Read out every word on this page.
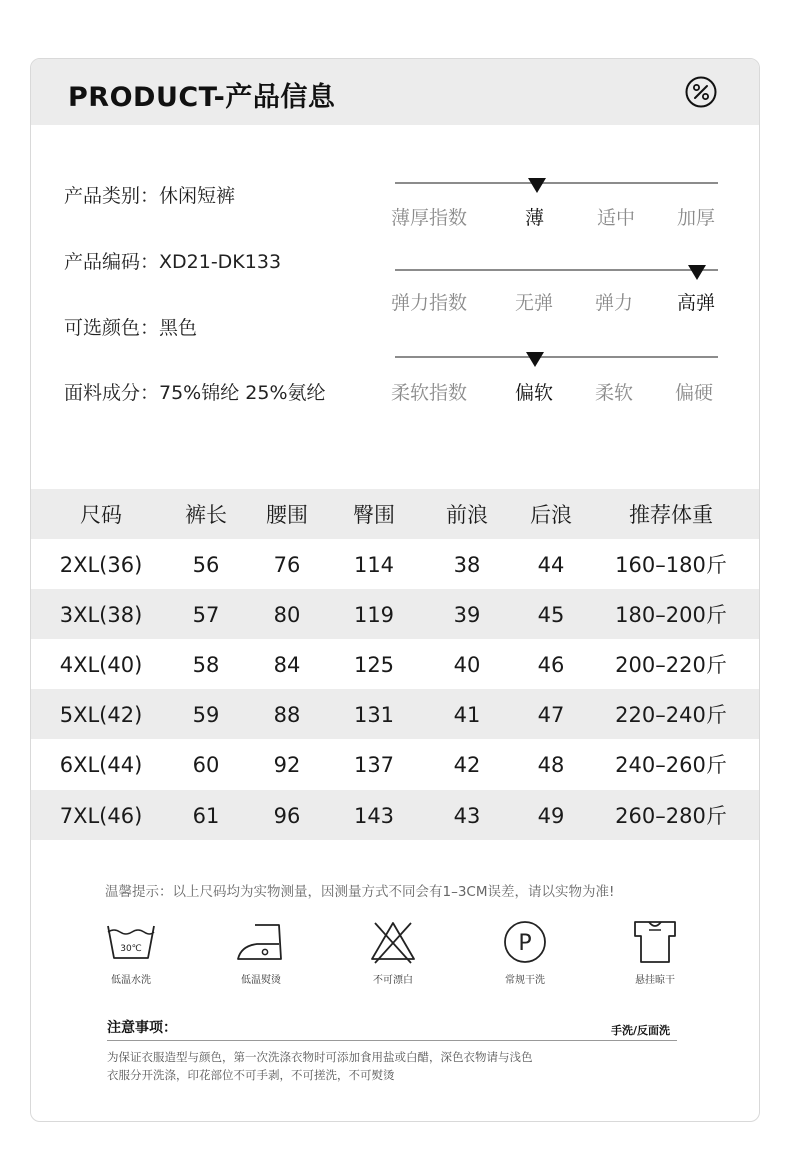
PRODUCT-产品信息
产品类别：休闲短裤
产品编码：XD21-DK133
可选颜色：黑色
面料成分：75%锦纶 25%氨纶
薄厚指数	薄	适中 加厚
弹力指数	无弹 弹力 高弹
柔软指数	偏软 柔软 偏硬
尺码	裤长	腰围	臀围	前浪	后浪	推荐体重
2XL(36)	56	76	114	38	44	160–180斤
3XL(38)	57	80	119	39	45	180–200斤
4XL(40)	58	84	125	40	46	200–220斤
5XL(42)	59	88	131	41	47	220–240斤
6XL(44)	60	92	137	42	48	240–260斤
7XL(46)	61	96	143	43	49	260–280斤
温馨提示：以上尺码均为实物测量，因测量方式不同会有1–3CM误差，请以实物为准!
30℃
低温水洗	低温熨烫	不可漂白
P
常规干洗	悬挂晾干
注意事项：	手洗/反面洗
为保证衣服造型与颜色，第一次洗涤衣物时可添加食用盐或白醋，深色衣物请与浅色
衣服分开洗涤，印花部位不可手剥，不可搓洗，不可熨烫
